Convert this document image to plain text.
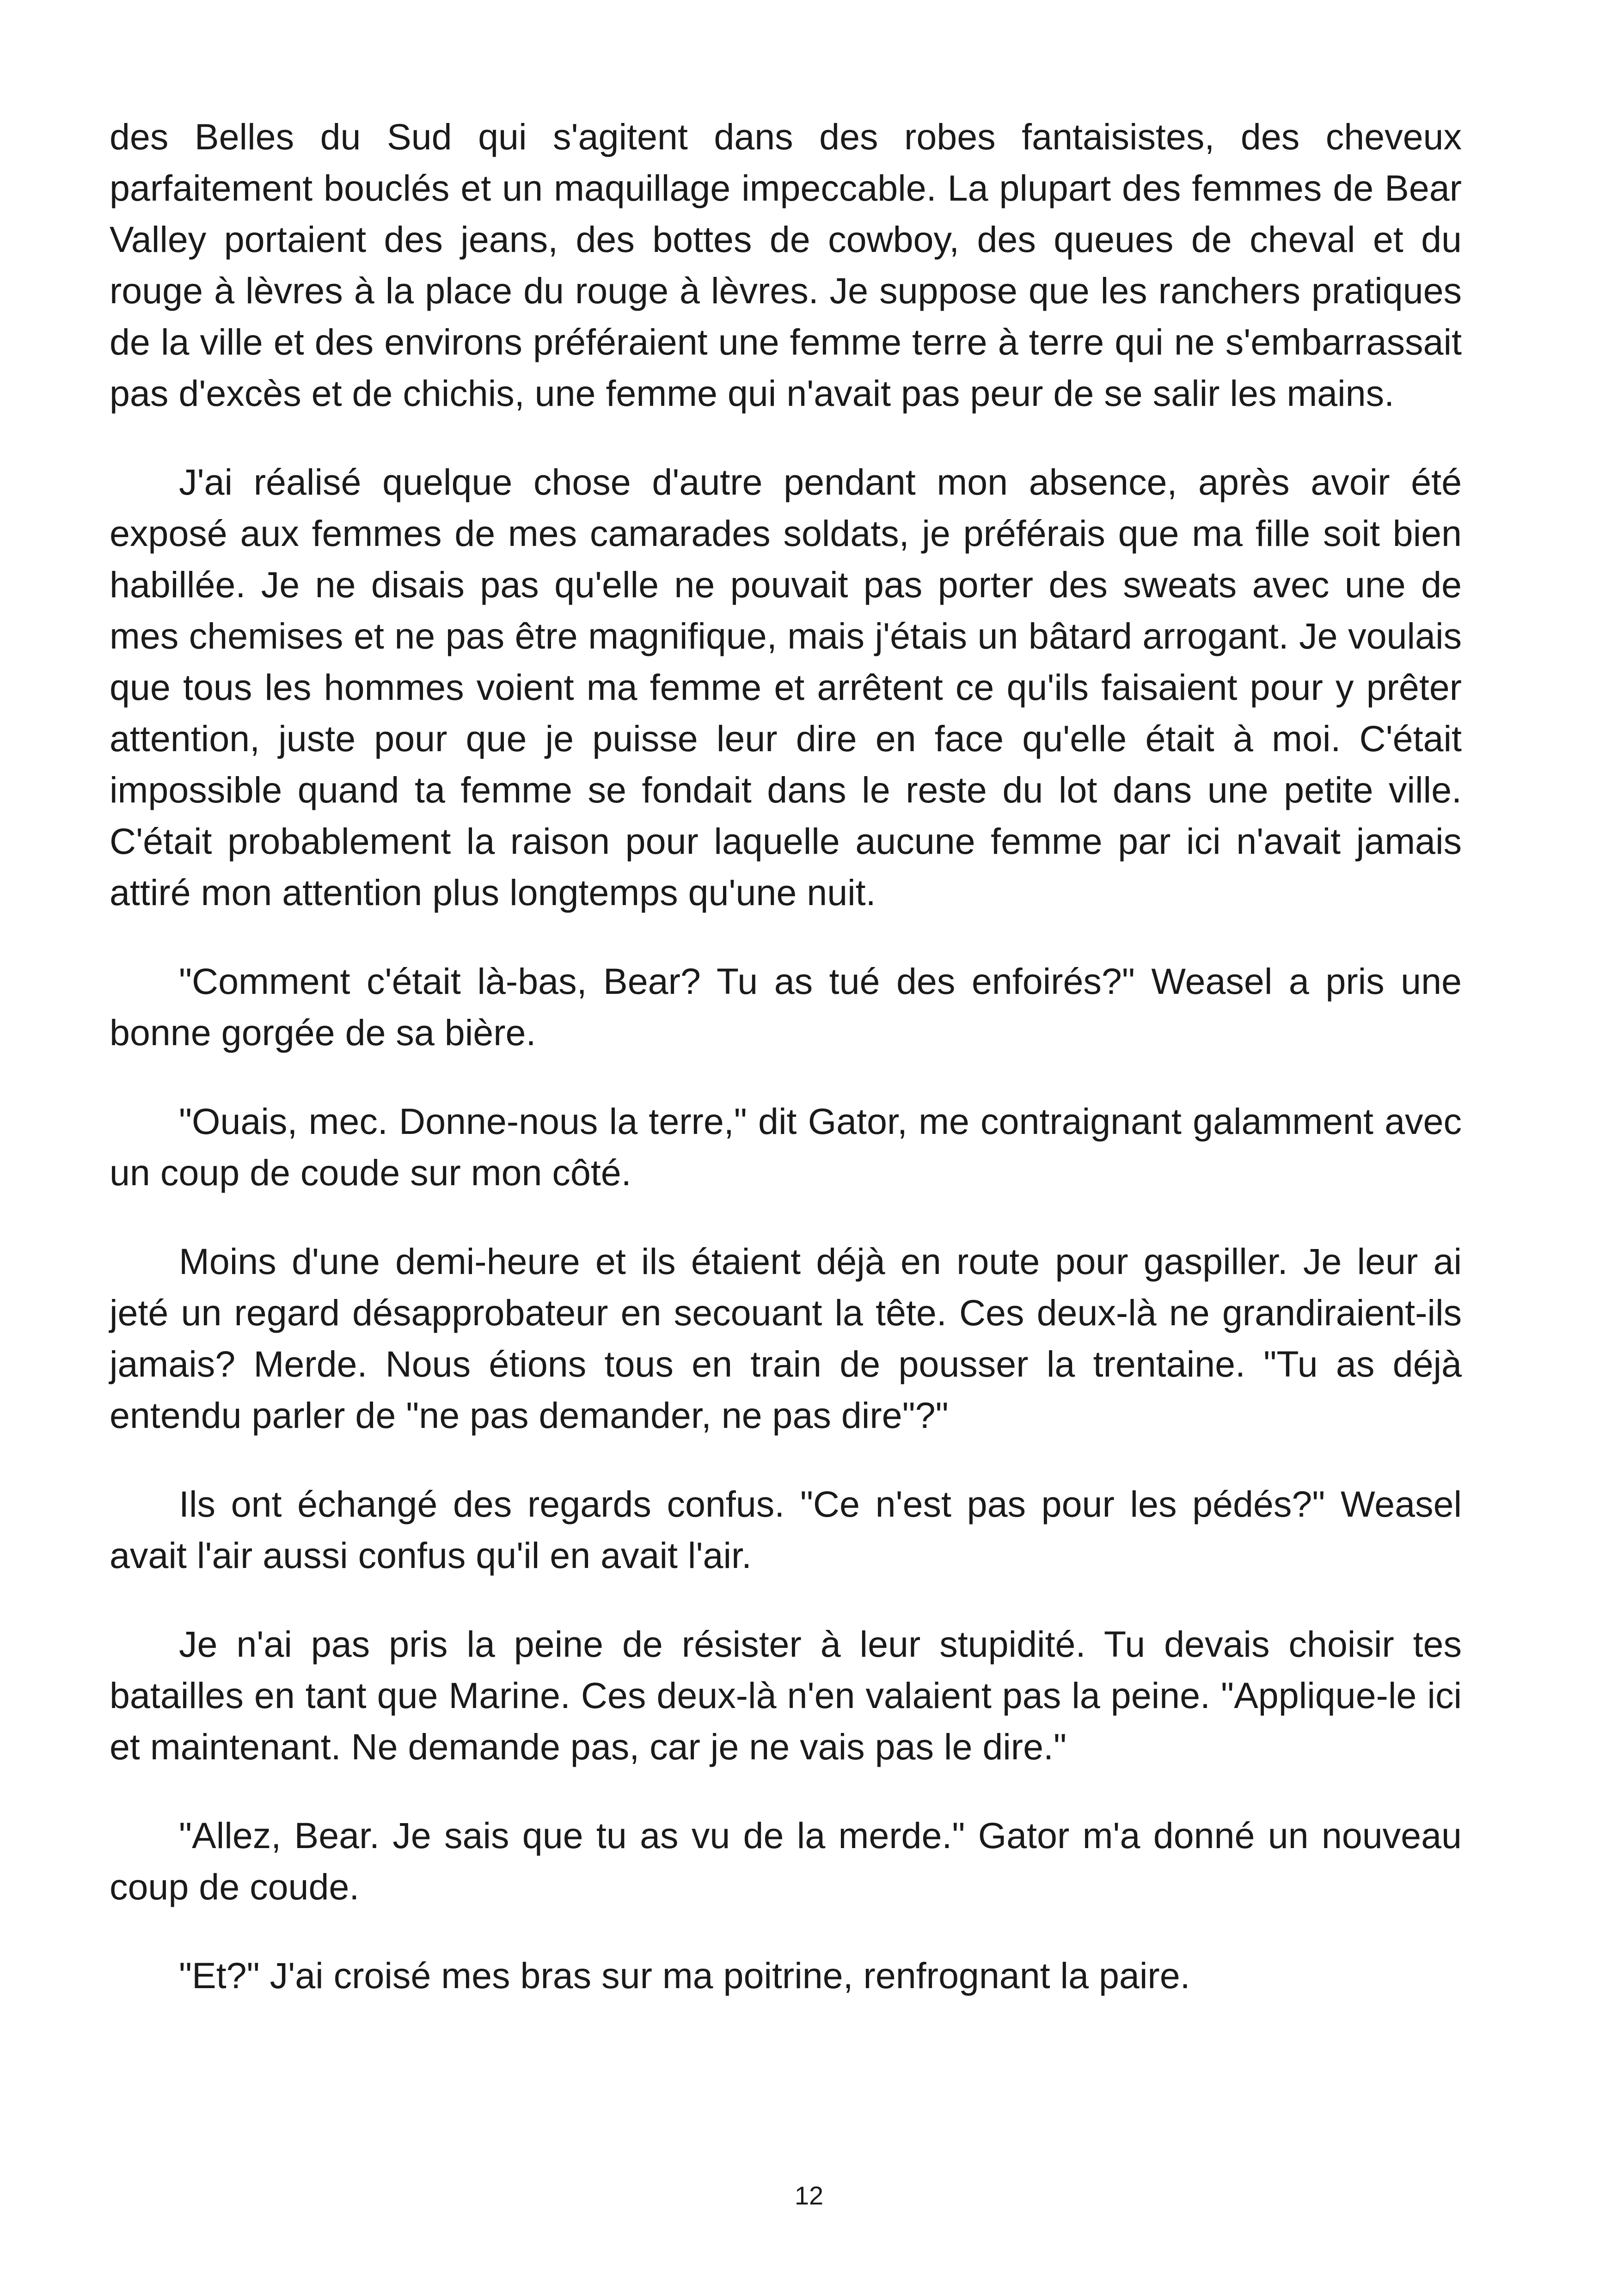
des Belles du Sud qui s'agitent dans des robes fantaisistes, des cheveux parfaitement bouclés et un maquillage impeccable. La plupart des femmes de Bear Valley portaient des jeans, des bottes de cowboy, des queues de cheval et du rouge à lèvres à la place du rouge à lèvres. Je suppose que les ranchers pratiques de la ville et des environs préféraient une femme terre à terre qui ne s'embarrassait pas d'excès et de chichis, une femme qui n'avait pas peur de se salir les mains.

J'ai réalisé quelque chose d'autre pendant mon absence, après avoir été exposé aux femmes de mes camarades soldats, je préférais que ma fille soit bien habillée. Je ne disais pas qu'elle ne pouvait pas porter des sweats avec une de mes chemises et ne pas être magnifique, mais j'étais un bâtard arrogant. Je voulais que tous les hommes voient ma femme et arrêtent ce qu'ils faisaient pour y prêter attention, juste pour que je puisse leur dire en face qu'elle était à moi. C'était impossible quand ta femme se fondait dans le reste du lot dans une petite ville. C'était probablement la raison pour laquelle aucune femme par ici n'avait jamais attiré mon attention plus longtemps qu'une nuit.

"Comment c'était là-bas, Bear? Tu as tué des enfoirés?" Weasel a pris une bonne gorgée de sa bière.

"Ouais, mec. Donne-nous la terre," dit Gator, me contraignant galamment avec un coup de coude sur mon côté.

Moins d'une demi-heure et ils étaient déjà en route pour gaspiller. Je leur ai jeté un regard désapprobateur en secouant la tête. Ces deux-là ne grandiraient-ils jamais? Merde. Nous étions tous en train de pousser la trentaine. "Tu as déjà entendu parler de "ne pas demander, ne pas dire"?"

Ils ont échangé des regards confus. "Ce n'est pas pour les pédés?" Weasel avait l'air aussi confus qu'il en avait l'air.

Je n'ai pas pris la peine de résister à leur stupidité. Tu devais choisir tes batailles en tant que Marine. Ces deux-là n'en valaient pas la peine. "Applique-le ici et maintenant. Ne demande pas, car je ne vais pas le dire."

"Allez, Bear. Je sais que tu as vu de la merde." Gator m'a donné un nouveau coup de coude.

"Et?" J'ai croisé mes bras sur ma poitrine, renfrognant la paire.

12
